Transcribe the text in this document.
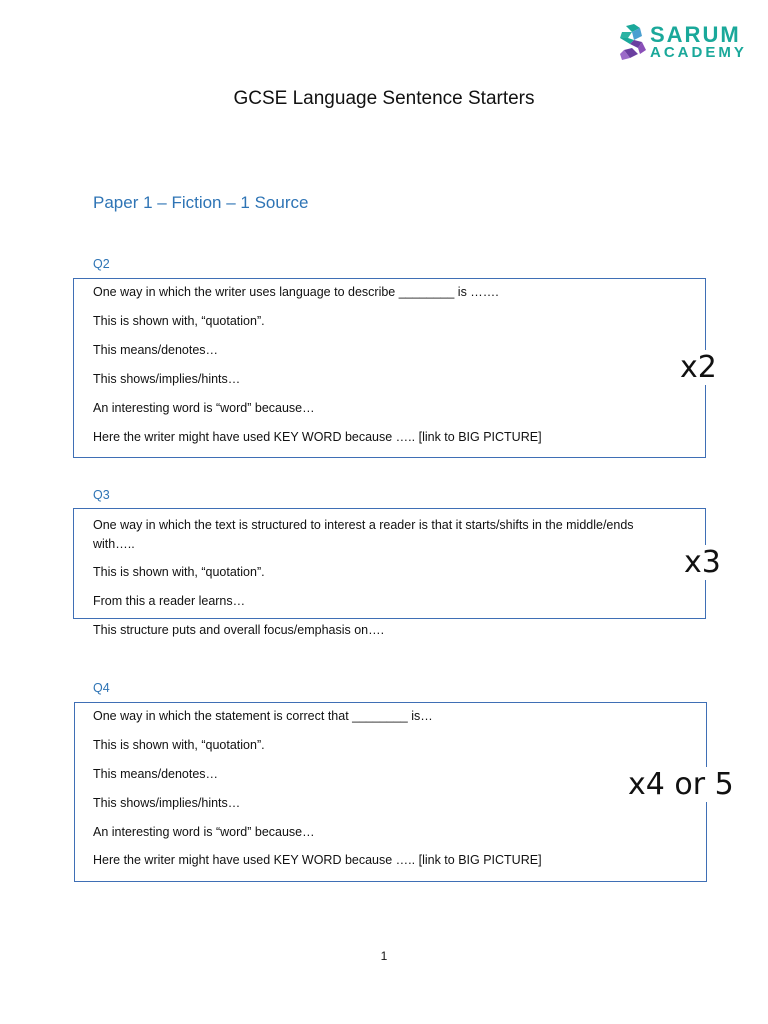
SARUM
ACADEMY
GCSE Language Sentence Starters
Paper 1 – Fiction – 1 Source
Q2
One way in which the writer uses language to describe ________ is …….
This is shown with, “quotation”.
This means/denotes…
This shows/implies/hints…
An interesting word is “word” because…
Here the writer might have used KEY WORD because ….. [link to BIG PICTURE]
x2
Q3
One way in which the text is structured to interest a reader is that it starts/shifts in the middle/ends with…..
This is shown with, “quotation”.
From this a reader learns…
This structure puts and overall focus/emphasis on….
x3
Q4
One way in which the statement is correct that ________ is…
This is shown with, “quotation”.
This means/denotes…
This shows/implies/hints…
An interesting word is “word” because…
Here the writer might have used KEY WORD because ….. [link to BIG PICTURE]
x4 or 5
1
